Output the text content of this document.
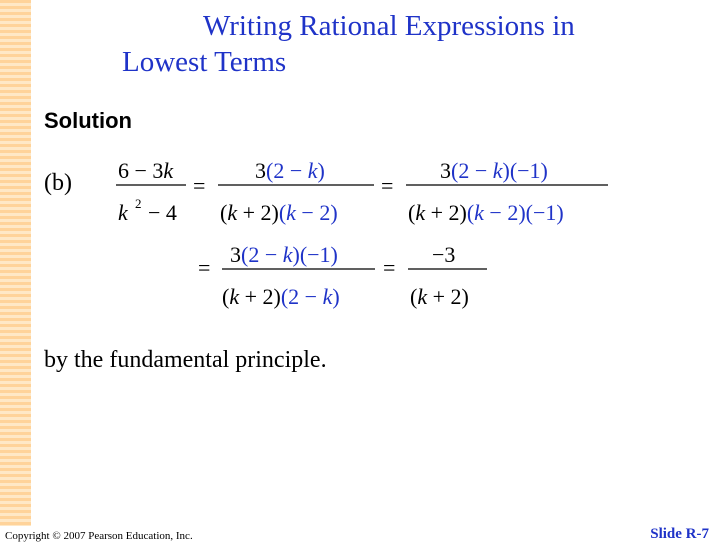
Writing Rational Expressions in
Lowest Terms
Solution
(b) 6 − 3k
k 2 − 4
=
3(2 − k)
(k + 2)(k − 2)
=
3(2 − k)(−1)
(k + 2)(k − 2)(−1)
=
3(2 − k)(−1)
(k + 2)(2 − k)
=
−3
(k + 2)
by the fundamental principle.
Copyright © 2007 Pearson Education, Inc.	Slide R-7
